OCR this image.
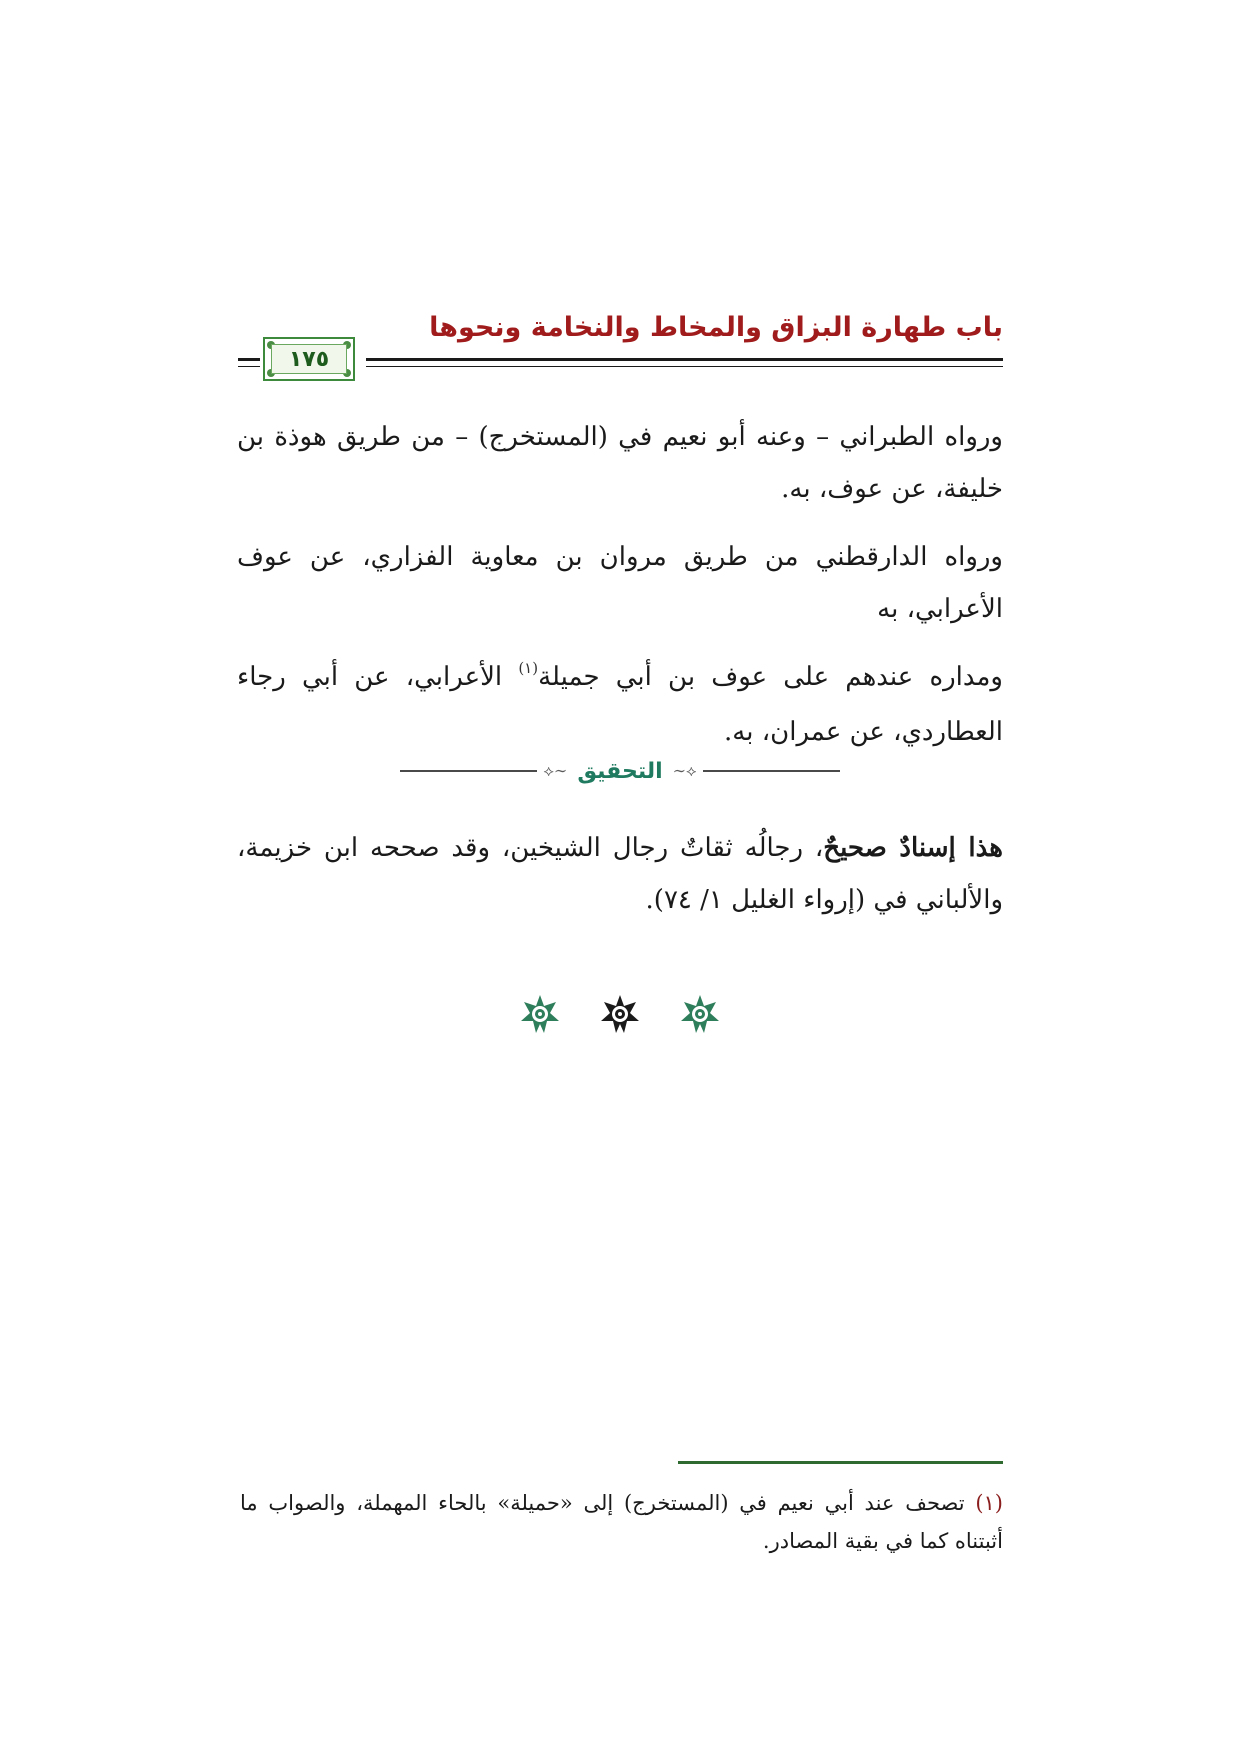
باب طهارة البزاق والمخاط والنخامة ونحوها
١٧٥

ورواه الطبراني – وعنه أبو نعيم في (المستخرج) – من طريق هوذة بن خليفة، عن عوف، به.

ورواه الدارقطني من طريق مروان بن معاوية الفزاري، عن عوف الأعرابي، به

ومداره عندهم على عوف بن أبي جميلة$^{(١)}$ الأعرابي، عن أبي رجاء العطاردي، عن عمران، به.

⟡∽
التحقيق
∽⟡

هذا إسنادٌ صحيحٌ، رجالُه ثقاتٌ رجال الشيخين، وقد صححه ابن خزيمة، والألباني في (إرواء الغليل ١/ ٧٤).

(١) تصحف عند أبي نعيم في (المستخرج) إلى «حميلة» بالحاء المهملة، والصواب ما أثبتناه كما في بقية المصادر.
